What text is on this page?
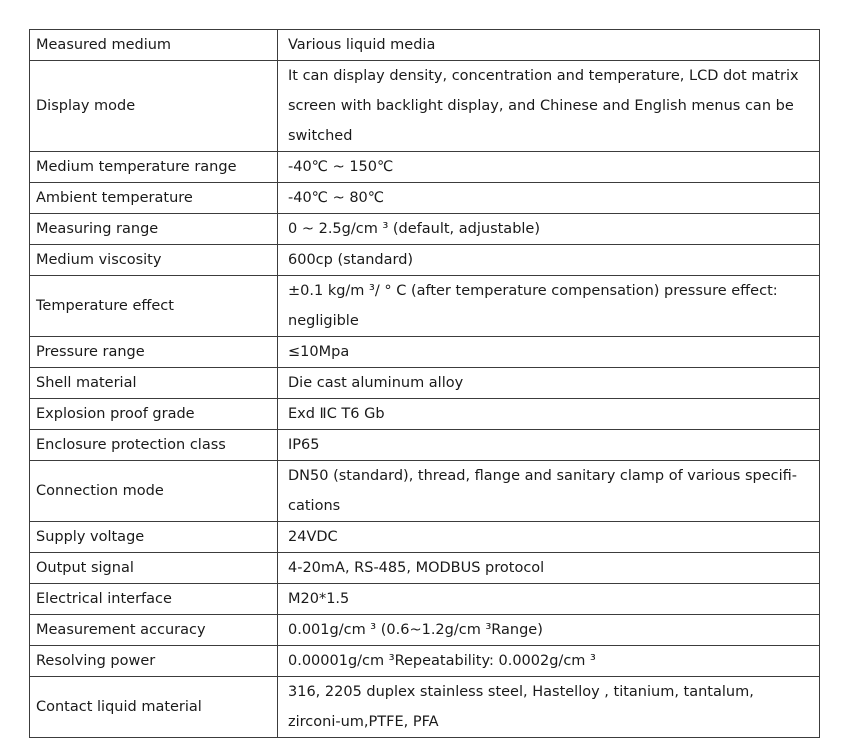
Measured medium	Various liquid media
Display mode	It can display density, concentration and temperature, LCD dot matrix screen with backlight display, and Chinese and English menus can be switched
Medium temperature range	-40℃ ~ 150℃
Ambient temperature	-40℃ ~ 80℃
Measuring range	0 ~ 2.5g/cm ³ (default, adjustable)
Medium viscosity	600cp (standard)
Temperature effect	±0.1 kg/m ³/ ° C (after temperature compensation) pressure effect: negligible
Pressure range	≤10Mpa
Shell material	Die cast aluminum alloy
Explosion proof grade	Exd ⅡC T6 Gb
Enclosure protection class	IP65
Connection mode	DN50 (standard), thread, flange and sanitary clamp of various specifi-cations
Supply voltage	24VDC
Output signal	4-20mA, RS-485, MODBUS protocol
Electrical interface	M20*1.5
Measurement accuracy	0.001g/cm ³ (0.6~1.2g/cm ³Range)
Resolving power	0.00001g/cm ³Repeatability: 0.0002g/cm ³
Contact liquid material	316, 2205 duplex stainless steel, Hastelloy , titanium, tantalum, zirconi-um,PTFE, PFA
